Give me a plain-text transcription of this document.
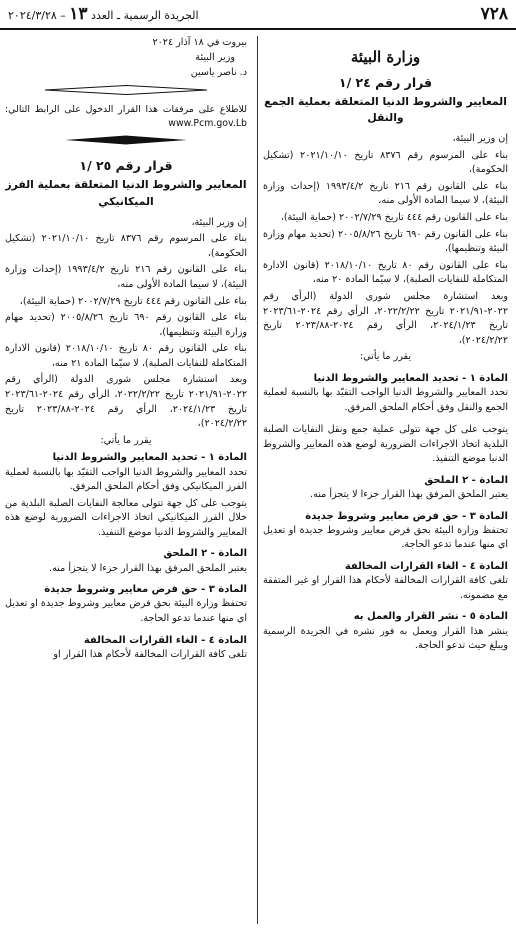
٧٢٨
الجريدة الرسمية ـ العدد ١٣ – ٢٠٢٤/٣/٢٨
وزارة البيئة
قرار رقم ٢٤ /١
المعايير والشروط الدنيا المتعلقة بعملية الجمع والنقل

إن وزير البيئة،

بناء على المرسوم رقم ٨٣٧٦ تاريخ ٢٠٢١/١٠/١٠ (تشكيل الحكومة)،

بناء على القانون رقم ٢١٦ تاريخ ١٩٩٣/٤/٢ (إحداث وزارة البيئة)، لا سيما المادة الأولى منه،

بناء على القانون رقم ٤٤٤ تاريخ ٢٠٠٢/٧/٢٩ (حماية البيئة)،

بناء على القانون رقم ٦٩٠ تاريخ ٢٠٠٥/٨/٢٦ (تحديد مهام وزارة البيئة وتنظيمها)،

بناء على القانون رقم ٨٠ تاريخ ٢٠١٨/١٠/١٠ (قانون الادارة المتكاملة للنفايات الصلبة)، لا سيّما المادة ٢٠ منه،

وبعد استشارة مجلس شورى الدولة (الرأي رقم ٢٠٢٢-٢٠٢١/٩١ تاريخ ٢٠٢٢/٢/٢٢، الرأي رقم ٢٠٢٤-٢٠٢٣/٦١ تاريخ ٢٠٢٤/١/٢٣، الرأي رقم ٢٠٢٤-٢٠٢٣/٨٨ تاريخ ٢٠٢٤/٢/٢٢)،

يقرر ما يأتي:

المادة ١ - تحديد المعايير والشروط الدنيا

تحدد المعايير والشروط الدنيا الواجب التقيّد بها بالنسبة لعملية الجمع والنقل وفق أحكام الملحق المرفق.

يتوجب على كل جهة تتولى عملية جمع ونقل النفايات الصلبة البلدية اتخاذ الاجراءات الضرورية لوضع هذه المعايير والشروط الدنيا موضع التنفيذ.

المادة - ٢ الملحق

يعتبر الملحق المرفق بهذا القرار جزءا لا يتجزأ منه.

المادة ٣ - حق فرض معايير وشروط جديدة

تحتفظ وزارة البيئة بحق فرض معايير وشروط جديدة او تعديل اي منها عندما تدعو الحاجة.

المادة ٤ - الغاء القرارات المخالفة

تلغى كافة القرارات المخالفة لأحكام هذا القرار او غير المتفقة مع مضمونه.

المادة ٥ - نشر القرار والعمل به

ينشر هذا القرار ويعمل به فور نشره في الجريدة الرسمية ويبلغ حيث تدعو الحاجة.

بيروت في ١٨ آذار ٢٠٢٤
وزير البيئة
د. ناصر ياسين

للاطلاع على مرفقات هذا القرار الدخول على الرابط التالي: www.Pcm.gov.Lb

قرار رقم ٢٥ /١
المعايير والشروط الدنيا المتعلقة بعملية الفرز الميكانيكي

إن وزير البيئة،

بناء على المرسوم رقم ٨٣٧٦ تاريخ ٢٠٢١/١٠/١٠ (تشكيل الحكومة)،

بناء على القانون رقم ٢١٦ تاريخ ١٩٩٣/٤/٢ (إحداث وزارة البيئة)، لا سيما المادة الأولى منه،

بناء على القانون رقم ٤٤٤ تاريخ ٢٠٠٢/٧/٢٩ (حماية البيئة)،

بناء على القانون رقم ٦٩٠ تاريخ ٢٠٠٥/٨/٢٦ (تحديد مهام وزارة البيئة وتنظيمها)،

بناء على القانون رقم ٨٠ تاريخ ٢٠١٨/١٠/١٠ (قانون الادارة المتكاملة للنفايات الصلبة)، لا سيّما المادة ٢١ منه،

وبعد استشارة مجلس شورى الدولة (الرأي رقم ٢٠٢٢-٢٠٢١/٩١ تاريخ ٢٠٢٢/٢/٢٢، الرأي رقم ٢٠٢٤-٢٠٢٣/٦١ تاريخ ٢٠٢٤/١/٢٣، الرأي رقم ٢٠٢٤-٢٠٢٣/٨٨ تاريخ ٢٠٢٤/٢/٢٢)،

يقرر ما يأتي:

المادة ١ - تحديد المعايير والشروط الدنيا

تحدد المعايير والشروط الدنيا الواجب التقيّد بها بالنسبة لعملية الفرز الميكانيكي وفق أحكام الملحق المرفق.

يتوجب على كل جهة تتولى معالجة النفايات الصلبة البلدية من خلال الفرز الميكانيكي اتخاذ الاجراءات الضرورية لوضع هذه المعايير والشروط الدنيا موضع التنفيذ.

المادة - ٢ الملحق

يعتبر الملحق المرفق بهذا القرار جزءا لا يتجزأ منه.

المادة ٣ - حق فرض معايير وشروط جديدة

تحتفظ وزارة البيئة بحق فرض معايير وشروط جديدة او تعديل اي منها عندما تدعو الحاجة.

المادة ٤ - الغاء القرارات المخالفة

تلغى كافة القرارات المخالفة لأحكام هذا القرار او
